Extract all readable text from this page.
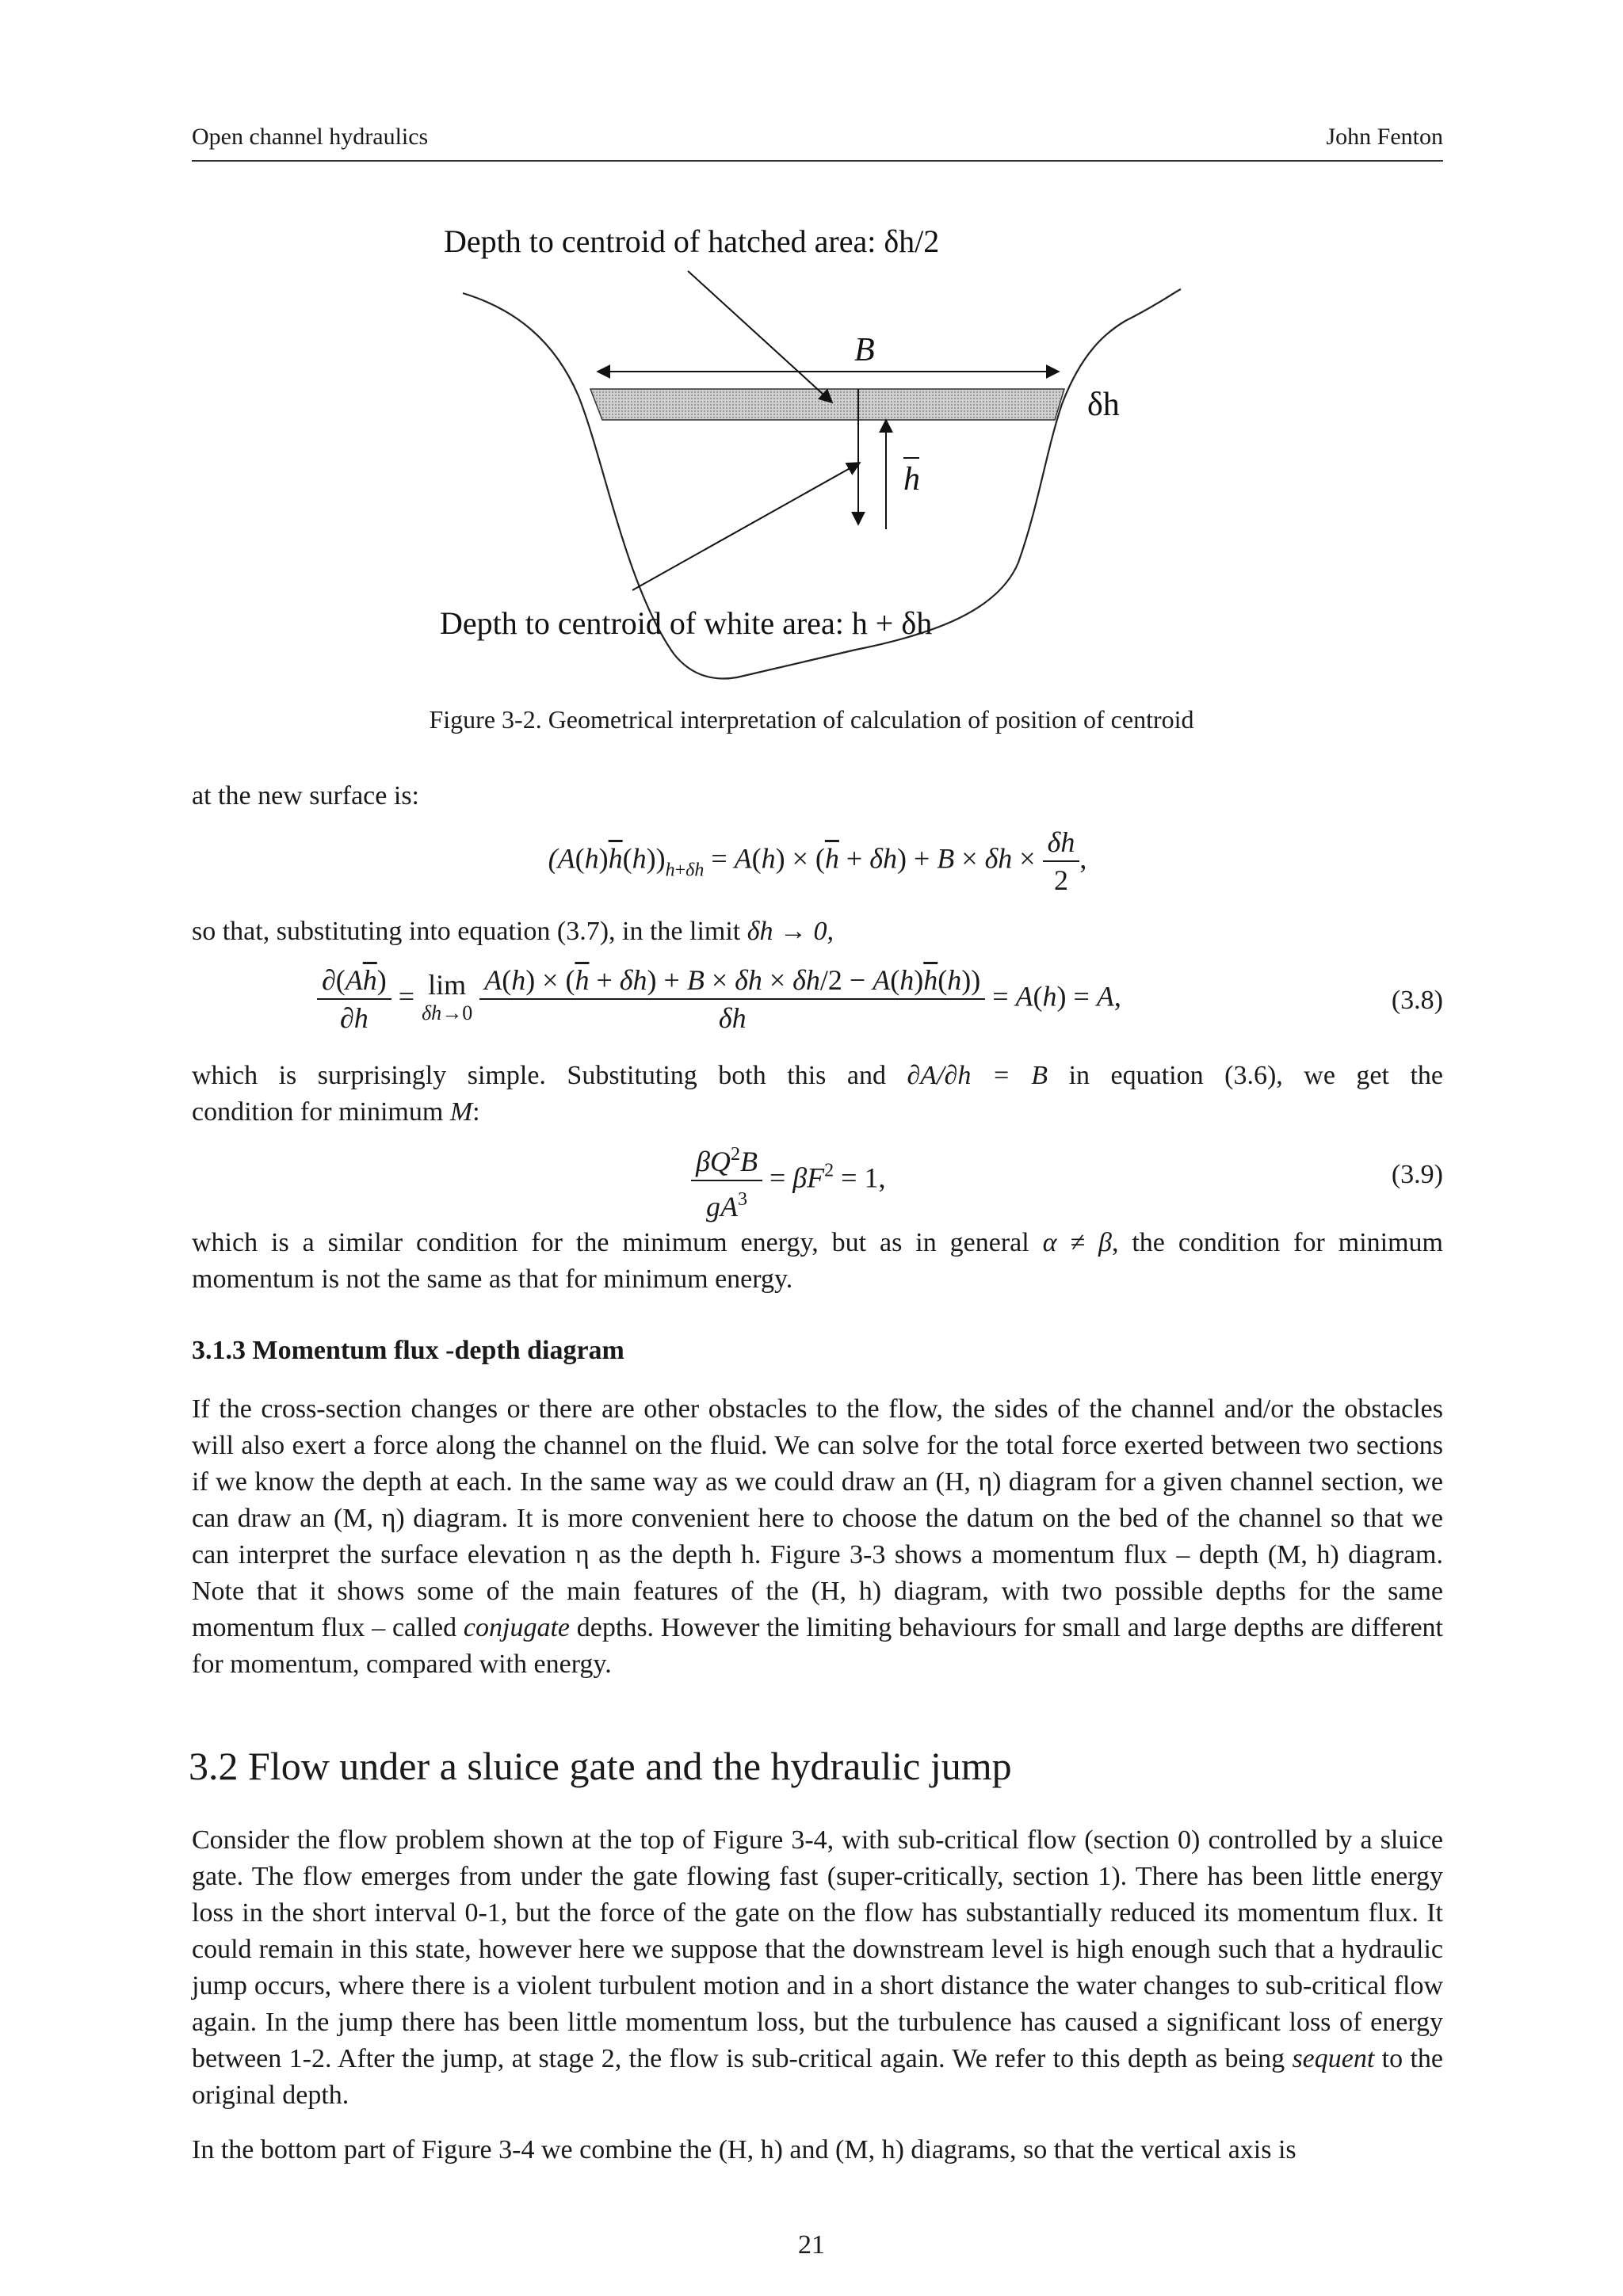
Open channel hydraulics	John Fenton
Depth to centroid of hatched area: δh/2
B
δh
h
Depth to centroid of white area: h + δh
Figure 3-2. Geometrical interpretation of calculation of position of centroid

at the new surface is:

$(A(h)\overline{h}(h))_{h+\delta h} = A(h) \times (\overline{h} + \delta h) + B \times \delta h \times \frac{\delta h}{2}$ ,

so that, substituting into equation (3.7), in the limit δh → 0,

$\frac{\partial(A\overline{h})}{\partial h} = \lim$
δh→0
$\frac{A(h) \times (\overline{h} + \delta h) + B \times \delta h \times \delta h/2 - A(h)\overline{h}(h))}{\delta h} = A(h) = A$,	(3.8)

which is surprisingly simple. Substituting both this and ∂A/∂h = B in equation (3.6), we get the

condition for minimum M:

$\frac{\beta Q^2B}{gA^3} = \beta F^2 = 1$,	(3.9)

which is a similar condition for the minimum energy, but as in general α ≠ β, the condition for minimum

momentum is not the same as that for minimum energy.

3.1.3 Momentum flux -depth diagram

If the cross-section changes or there are other obstacles to the flow, the sides of the channel and/or the obstacles will also exert a force along the channel on the fluid. We can solve for the total force exerted between two sections if we know the depth at each. In the same way as we could draw an (H, η) diagram for a given channel section, we can draw an (M, η) diagram. It is more convenient here to choose the datum on the bed of the channel so that we can interpret the surface elevation η as the depth h. Figure 3-3 shows a momentum flux – depth (M, h) diagram. Note that it shows some of the main features of the (H, h) diagram, with two possible depths for the same momentum flux – called conjugate depths. However the limiting behaviours for small and large depths are different for momentum, compared with energy.

3.2 Flow under a sluice gate and the hydraulic jump

Consider the flow problem shown at the top of Figure 3-4, with sub-critical flow (section 0) controlled by a sluice gate. The flow emerges from under the gate flowing fast (super-critically, section 1). There has been little energy loss in the short interval 0-1, but the force of the gate on the flow has substantially reduced its momentum flux. It could remain in this state, however here we suppose that the downstream level is high enough such that a hydraulic jump occurs, where there is a violent turbulent motion and in a short distance the water changes to sub-critical flow again. In the jump there has been little momentum loss, but the turbulence has caused a significant loss of energy between 1-2. After the jump, at stage 2, the flow is sub-critical again. We refer to this depth as being sequent to the original depth.

In the bottom part of Figure 3-4 we combine the (H, h) and (M, h) diagrams, so that the vertical axis is

21
